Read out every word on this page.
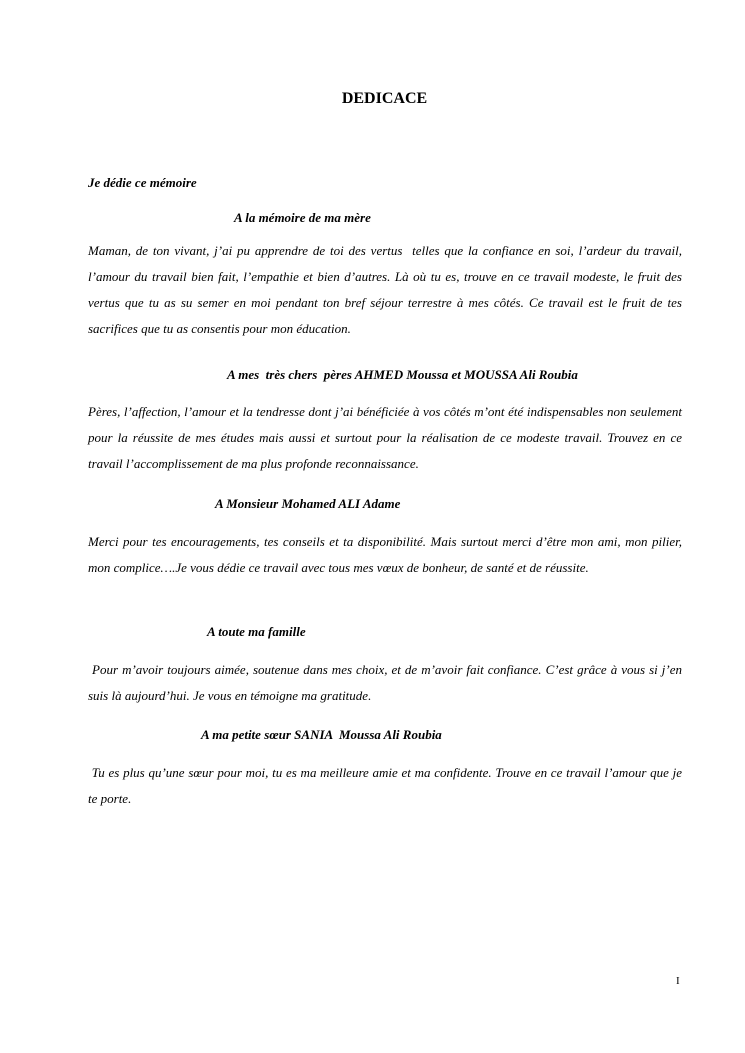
DEDICACE
Je dédie ce mémoire
A la mémoire de ma mère
Maman, de ton vivant, j’ai pu apprendre de toi des vertus  telles que la confiance en soi, l’ardeur du travail, l’amour du travail bien fait, l’empathie et bien d’autres. Là où tu es, trouve en ce travail modeste, le fruit des vertus que tu as su semer en moi pendant ton bref séjour terrestre à mes côtés. Ce travail est le fruit de tes sacrifices que tu as consentis pour mon éducation.
A mes  très chers  pères AHMED Moussa et MOUSSA Ali Roubia
Pères, l’affection, l’amour et la tendresse dont j’ai bénéficiée à vos côtés m’ont été indispensables non seulement pour la réussite de mes études mais aussi et surtout pour la réalisation de ce modeste travail. Trouvez en ce travail l’accomplissement de ma plus profonde reconnaissance.
A Monsieur Mohamed ALI Adame
Merci pour tes encouragements, tes conseils et ta disponibilité. Mais surtout merci d’être mon ami, mon pilier, mon complice….Je vous dédie ce travail avec tous mes vœux de bonheur, de santé et de réussite.
A toute ma famille
Pour m’avoir toujours aimée, soutenue dans mes choix, et de m’avoir fait confiance. C’est grâce à vous si j’en suis là aujourd’hui. Je vous en témoigne ma gratitude.
A ma petite sœur SANIA  Moussa Ali Roubia
Tu es plus qu’une sœur pour moi, tu es ma meilleure amie et ma confidente. Trouve en ce travail l’amour que je te porte.
I
